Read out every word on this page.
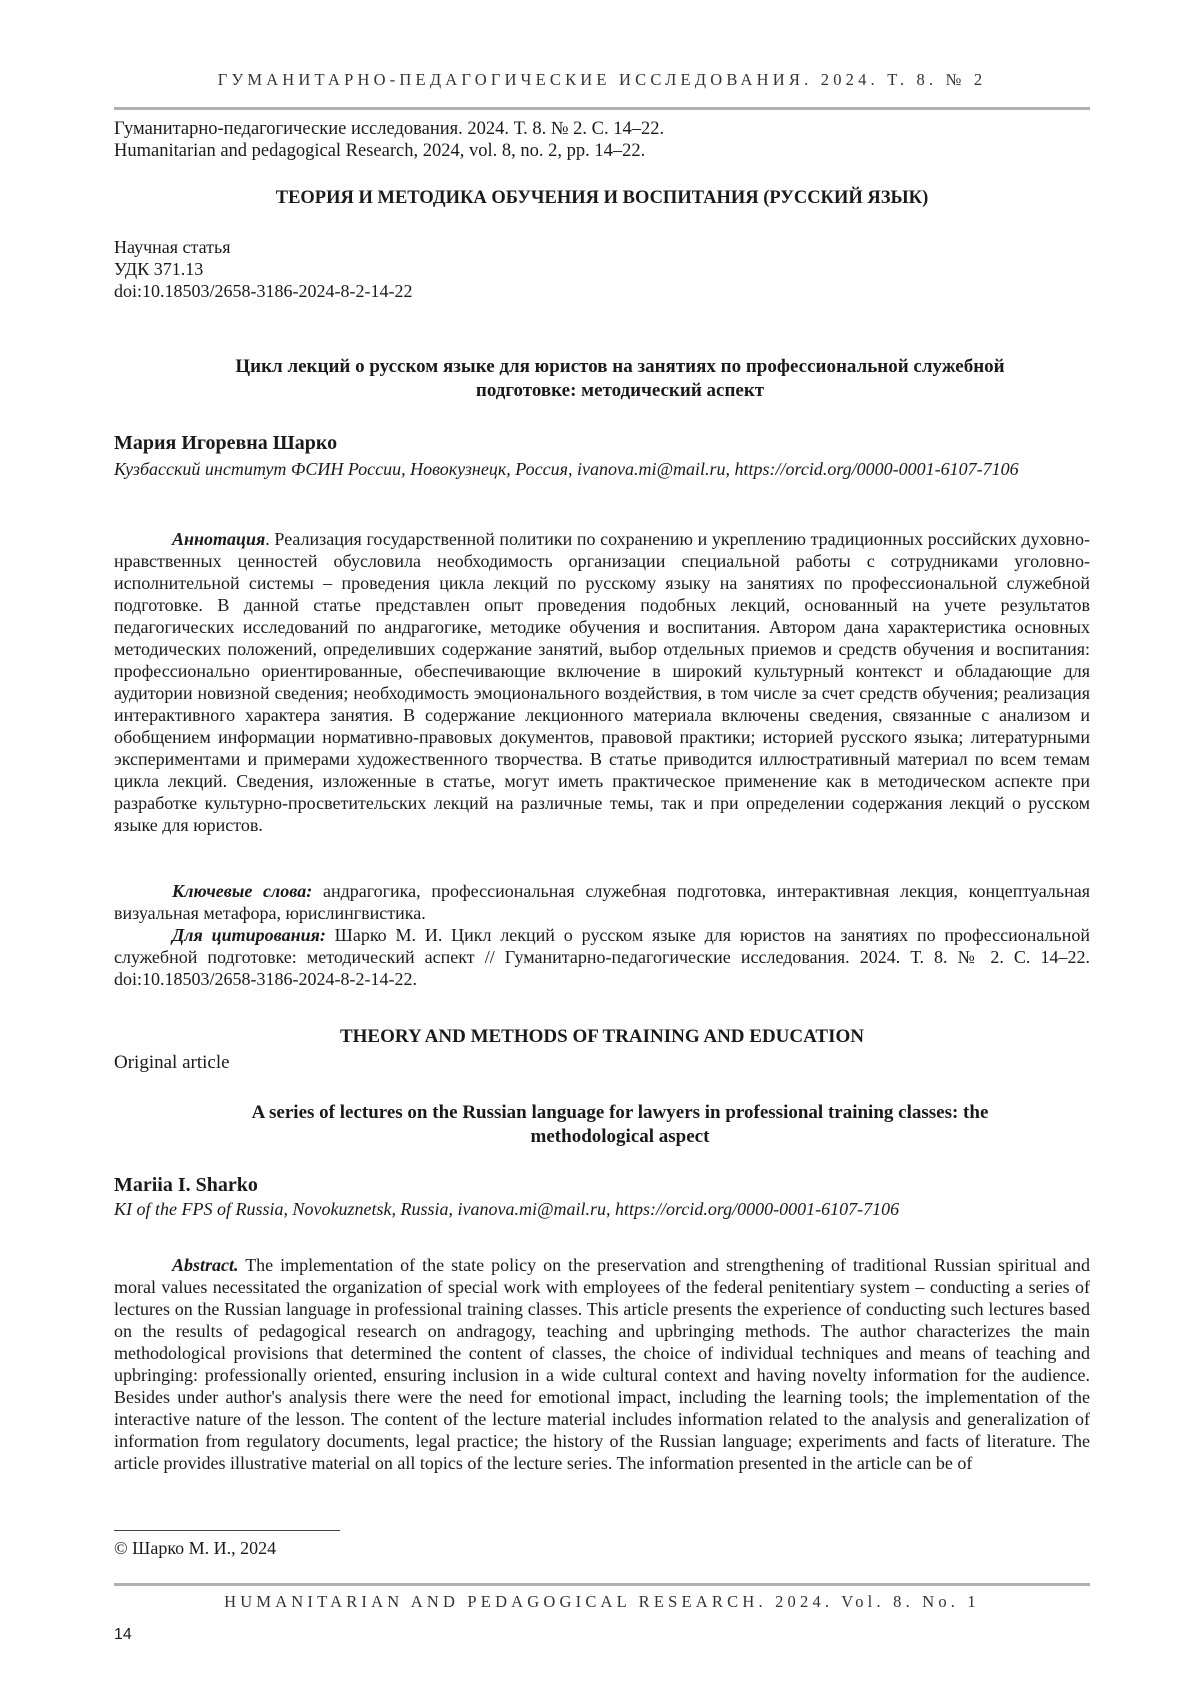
ГУМАНИТАРНО-ПЕДАГОГИЧЕСКИЕ ИССЛЕДОВАНИЯ. 2024. Т. 8. № 2
Гуманитарно-педагогические исследования. 2024. Т. 8. № 2. С. 14–22.
Humanitarian and pedagogical Research, 2024, vol. 8, no. 2, pp. 14–22.
ТЕОРИЯ И МЕТОДИКА ОБУЧЕНИЯ И ВОСПИТАНИЯ (РУССКИЙ ЯЗЫК)
Научная статья
УДК 371.13
doi:10.18503/2658-3186-2024-8-2-14-22
Цикл лекций о русском языке для юристов на занятиях по профессиональной служебной подготовке: методический аспект
Мария Игоревна Шарко
Кузбасский институт ФСИН России, Новокузнецк, Россия, ivanova.mi@mail.ru, https://orcid.org/0000-0001-6107-7106
Аннотация. Реализация государственной политики по сохранению и укреплению традиционных российских духовно-нравственных ценностей обусловила необходимость организации специальной работы с сотрудниками уголовно-исполнительной системы – проведения цикла лекций по русскому языку на занятиях по профессиональной служебной подготовке. В данной статье представлен опыт проведения подобных лекций, основанный на учете результатов педагогических исследований по андрагогике, методике обучения и воспитания. Автором дана характеристика основных методических положений, определивших содержание занятий, выбор отдельных приемов и средств обучения и воспитания: профессионально ориентированные, обеспечивающие включение в широкий культурный контекст и обладающие для аудитории новизной сведения; необходимость эмоционального воздействия, в том числе за счет средств обучения; реализация интерактивного характера занятия. В содержание лекционного материала включены сведения, связанные с анализом и обобщением информации нормативно-правовых документов, правовой практики; историей русского языка; литературными экспериментами и примерами художественного творчества. В статье приводится иллюстративный материал по всем темам цикла лекций. Сведения, изложенные в статье, могут иметь практическое применение как в методическом аспекте при разработке культурно-просветительских лекций на различные темы, так и при определении содержания лекций о русском языке для юристов.
Ключевые слова: андрагогика, профессиональная служебная подготовка, интерактивная лекция, концептуальная визуальная метафора, юрислингвистика.
Для цитирования: Шарко М. И. Цикл лекций о русском языке для юристов на занятиях по профессиональной служебной подготовке: методический аспект // Гуманитарно-педагогические исследования. 2024. Т. 8. № 2. С. 14–22. doi:10.18503/2658-3186-2024-8-2-14-22.
THEORY AND METHODS OF TRAINING AND EDUCATION
Original article
A series of lectures on the Russian language for lawyers in professional training classes: the methodological aspect
Mariia I. Sharko
KI of the FPS of Russia, Novokuznetsk, Russia, ivanova.mi@mail.ru, https://orcid.org/0000-0001-6107-7106
Abstract. The implementation of the state policy on the preservation and strengthening of traditional Russian spiritual and moral values necessitated the organization of special work with employees of the federal penitentiary system – conducting a series of lectures on the Russian language in professional training classes. This article presents the experience of conducting such lectures based on the results of pedagogical research on andragogy, teaching and upbringing methods. The author characterizes the main methodological provisions that determined the content of classes, the choice of individual techniques and means of teaching and upbringing: professionally oriented, ensuring inclusion in a wide cultural context and having novelty information for the audience. Besides under author's analysis there were the need for emotional impact, including the learning tools; the implementation of the interactive nature of the lesson. The content of the lecture material includes information related to the analysis and generalization of information from regulatory documents, legal practice; the history of the Russian language; experiments and facts of literature. The article provides illustrative material on all topics of the lecture series. The information presented in the article can be of
© Шарко М. И., 2024
HUMANITARIAN AND PEDAGOGICAL RESEARCH. 2024. Vol. 8. No. 1
14
